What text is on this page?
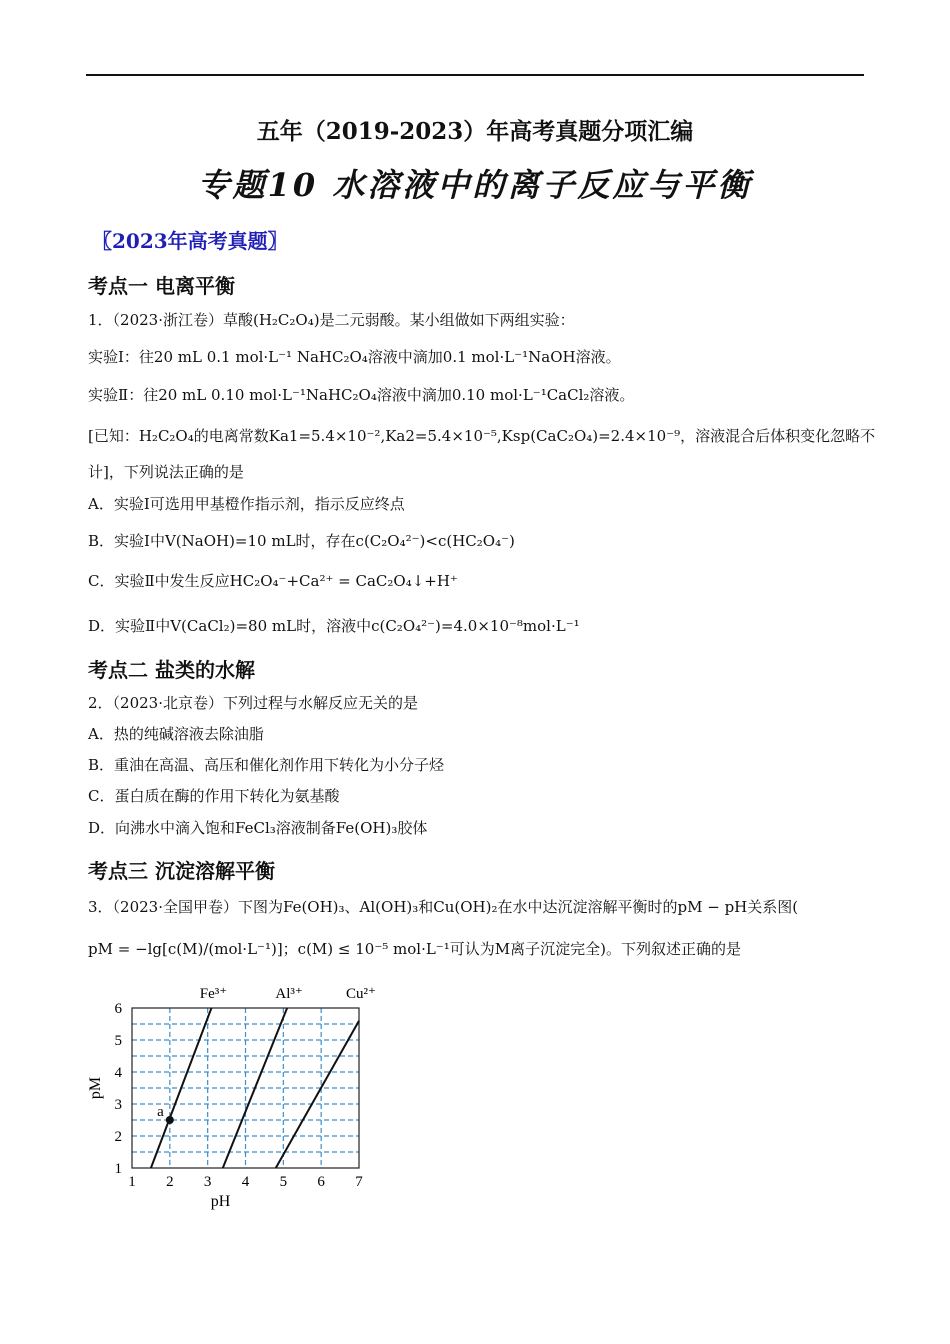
五年（2019-2023）年高考真题分项汇编
专题10 水溶液中的离子反应与平衡
〖2023年高考真题〗
考点一 电离平衡
1．（2023·浙江卷）草酸(H₂C₂O₄)是二元弱酸。某小组做如下两组实验：
实验Ⅰ：往20 mL 0.1 mol·L⁻¹ NaHC₂O₄溶液中滴加0.1 mol·L⁻¹NaOH溶液。
实验Ⅱ：往20 mL 0.10 mol·L⁻¹NaHC₂O₄溶液中滴加0.10 mol·L⁻¹CaCl₂溶液。
[已知：H₂C₂O₄的电离常数Ka1=5.4×10⁻²,Ka2=5.4×10⁻⁵,Ksp(CaC₂O₄)=2.4×10⁻⁹，溶液混合后体积变化忽略不
计]，下列说法正确的是
A．实验Ⅰ可选用甲基橙作指示剂，指示反应终点
B．实验Ⅰ中V(NaOH)=10 mL时，存在c(C₂O₄²⁻)<c(HC₂O₄⁻)
C．实验Ⅱ中发生反应HC₂O₄⁻+Ca²⁺ = CaC₂O₄↓+H⁺
D．实验Ⅱ中V(CaCl₂)=80 mL时，溶液中c(C₂O₄²⁻)=4.0×10⁻⁸mol·L⁻¹
考点二 盐类的水解
2．（2023·北京卷）下列过程与水解反应无关的是
A．热的纯碱溶液去除油脂
B．重油在高温、高压和催化剂作用下转化为小分子烃
C．蛋白质在酶的作用下转化为氨基酸
D．向沸水中滴入饱和FeCl₃溶液制备Fe(OH)₃胶体
考点三 沉淀溶解平衡
3．（2023·全国甲卷）下图为Fe(OH)₃、Al(OH)₃和Cu(OH)₂在水中达沉淀溶解平衡时的pM − pH关系图(
pM = −lg[c(M)/(mol·L⁻¹)]；c(M) ≤ 10⁻⁵ mol·L⁻¹可认为M离子沉淀完全)。下列叙述正确的是
1 2 3 4 5 6 7
1
2
3
4
5
6
pH
pM
Fe³⁺	Al³⁺	Cu²⁺
a
